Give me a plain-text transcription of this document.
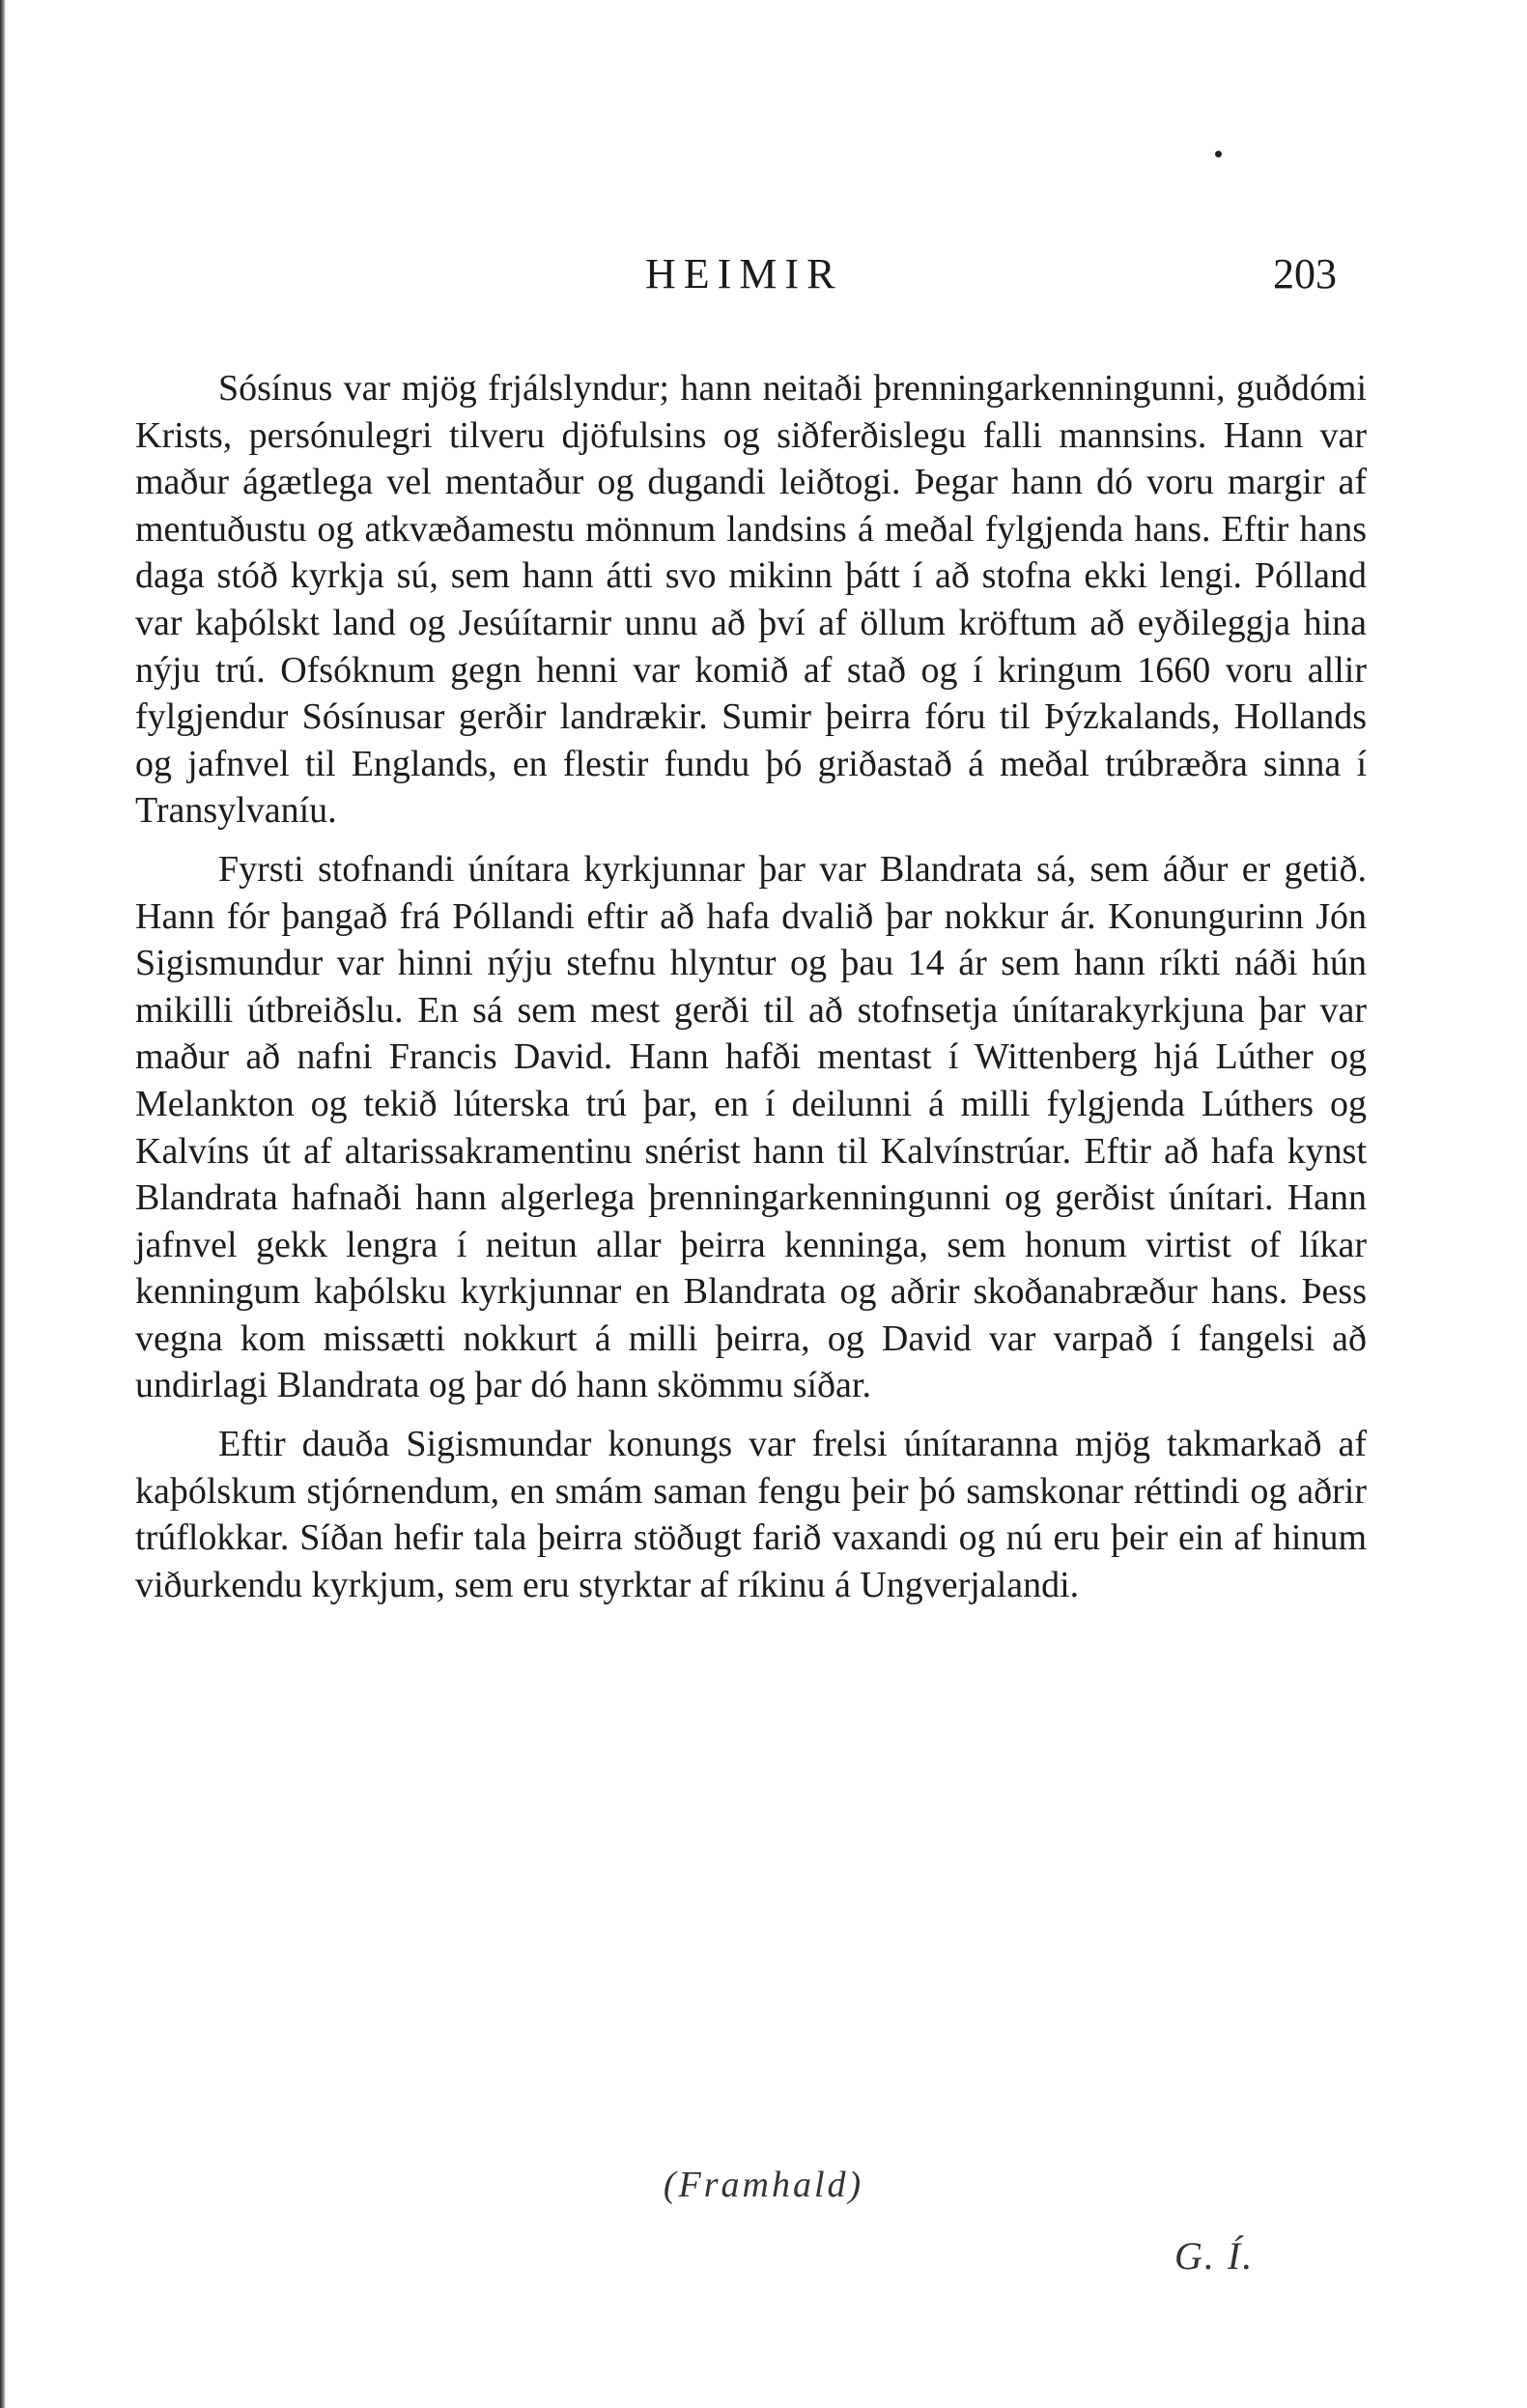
HEIMIR	203

Sósínus var mjög frjálslyndur; hann neitaði þrenningarkenningunni, guðdómi Krists, persónulegri tilveru djöfulsins og siðferðislegu falli mannsins. Hann var maður ágætlega vel mentaður og dugandi leiðtogi. Þegar hann dó voru margir af mentuðustu og atkvæðamestu mönnum landsins á meðal fylgjenda hans. Eftir hans daga stóð kyrkja sú, sem hann átti svo mikinn þátt í að stofna ekki lengi. Pólland var kaþólskt land og Jesúítarnir unnu að því af öllum kröftum að eyðileggja hina nýju trú. Ofsóknum gegn henni var komið af stað og í kringum 1660 voru allir fylgjendur Sósínusar gerðir landrækir. Sumir þeirra fóru til Þýzkalands, Hollands og jafnvel til Englands, en flestir fundu þó griðastað á meðal trúbræðra sinna í Transylvaníu.

Fyrsti stofnandi únítara kyrkjunnar þar var Blandrata sá, sem áður er getið. Hann fór þangað frá Póllandi eftir að hafa dvalið þar nokkur ár. Konungurinn Jón Sigismundur var hinni nýju stefnu hlyntur og þau 14 ár sem hann ríkti náði hún mikilli útbreiðslu. En sá sem mest gerði til að stofnsetja únítarakyrkjuna þar var maður að nafni Francis David. Hann hafði mentast í Wittenberg hjá Lúther og Melankton og tekið lúterska trú þar, en í deilunni á milli fylgjenda Lúthers og Kalvíns út af altarissakramentinu snérist hann til Kalvínstrúar. Eftir að hafa kynst Blandrata hafnaði hann algerlega þrenningarkenningunni og gerðist únítari. Hann jafnvel gekk lengra í neitun allar þeirra kenninga, sem honum virtist of líkar kenningum kaþólsku kyrkjunnar en Blandrata og aðrir skoðanabræður hans. Þess vegna kom missætti nokkurt á milli þeirra, og David var varpað í fangelsi að undirlagi Blandrata og þar dó hann skömmu síðar.

Eftir dauða Sigismundar konungs var frelsi únítaranna mjög takmarkað af kaþólskum stjórnendum, en smám saman fengu þeir þó samskonar réttindi og aðrir trúflokkar. Síðan hefir tala þeirra stöðugt farið vaxandi og nú eru þeir ein af hinum viðurkendu kyrkjum, sem eru styrktar af ríkinu á Ungverjalandi.

(Framhald)
G. Í.
